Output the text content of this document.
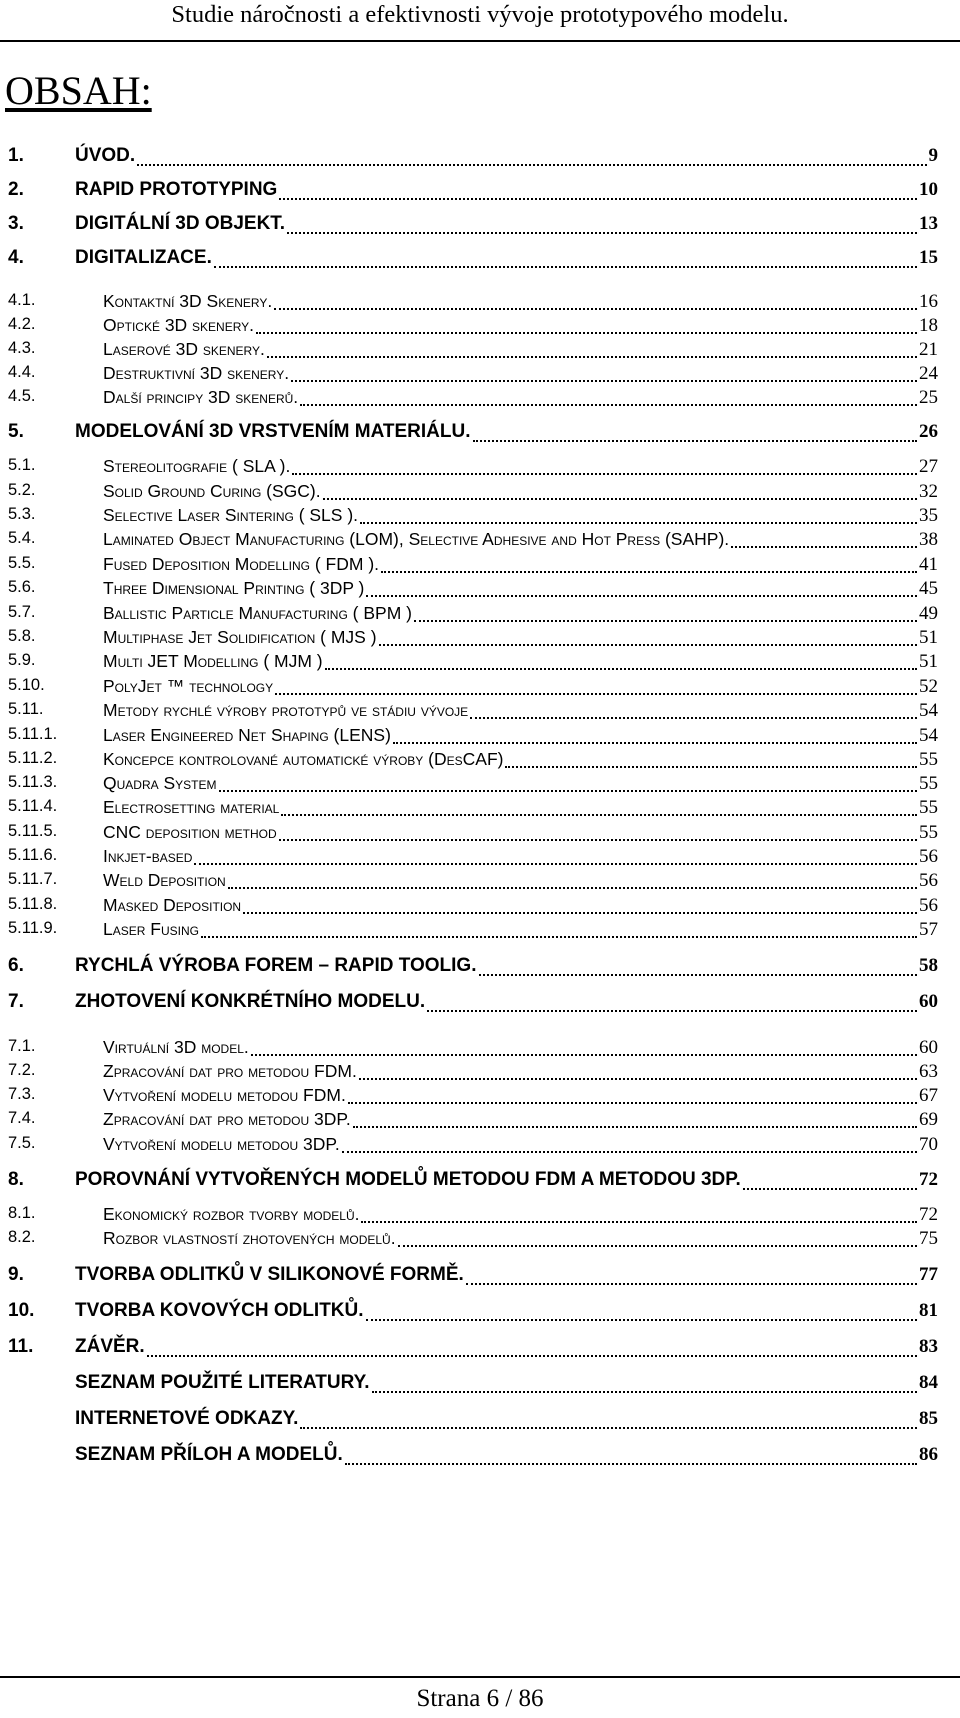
Studie náročnosti a efektivnosti vývoje prototypového modelu.
OBSAH:
1.	ÚVOD.	9
2.	RAPID PROTOTYPING	10
3.	DIGITÁLNÍ 3D OBJEKT.	13
4.	DIGITALIZACE.	15
4.1.	Kontaktní 3D Skenery.	16
4.2.	Optické 3D skenery.	18
4.3.	Laserové 3D skenery.	21
4.4.	Destruktivní 3D skenery.	24
4.5.	Další principy 3D skenerů.	25
5.	MODELOVÁNÍ 3D VRSTVENÍM MATERIÁLU.	26
5.1.	Stereolitografie ( SLA ).	27
5.2.	Solid Ground Curing (SGC).	32
5.3.	Selective Laser Sintering ( SLS ).	35
5.4.	Laminated Object Manufacturing (LOM), Selective Adhesive and Hot Press (SAHP).	38
5.5.	Fused Deposition Modelling ( FDM ).	41
5.6.	Three Dimensional Printing ( 3DP )	45
5.7.	Ballistic Particle Manufacturing ( BPM )	49
5.8.	Multiphase Jet Solidification ( MJS )	51
5.9.	Multi JET Modelling ( MJM )	51
5.10.	PolyJet ™ technology	52
5.11.	Metody rychlé výroby prototypů ve stádiu vývoje	54
5.11.1.	Laser Engineered Net Shaping (LENS)	54
5.11.2.	Koncepce kontrolované automatické výroby (DesCAF)	55
5.11.3.	Quadra System	55
5.11.4.	Electrosetting material	55
5.11.5.	CNC deposition method	55
5.11.6.	Inkjet-based	56
5.11.7.	Weld Deposition	56
5.11.8.	Masked Deposition	56
5.11.9.	Laser Fusing	57
6.	RYCHLÁ VÝROBA FOREM – RAPID TOOLIG.	58
7.	ZHOTOVENÍ KONKRÉTNÍHO MODELU.	60
7.1.	Virtuální 3D model.	60
7.2.	Zpracování dat pro metodou FDM.	63
7.3.	Vytvoření modelu metodou FDM.	67
7.4.	Zpracování dat pro metodou 3DP.	69
7.5.	Vytvoření modelu metodou 3DP.	70
8.	POROVNÁNÍ VYTVOŘENÝCH MODELŮ METODOU FDM A METODOU 3DP.	72
8.1.	Ekonomický rozbor tvorby modelů.	72
8.2.	Rozbor vlastností zhotovených modelů.	75
9.	TVORBA ODLITKŮ V SILIKONOVÉ FORMĚ.	77
10. TVORBA KOVOVÝCH ODLITKŮ.	81
11. ZÁVĚR.	83
SEZNAM POUŽITÉ LITERATURY.	84
INTERNETOVÉ ODKAZY.	85
SEZNAM PŘÍLOH A MODELŮ.	86
Strana 6 / 86
